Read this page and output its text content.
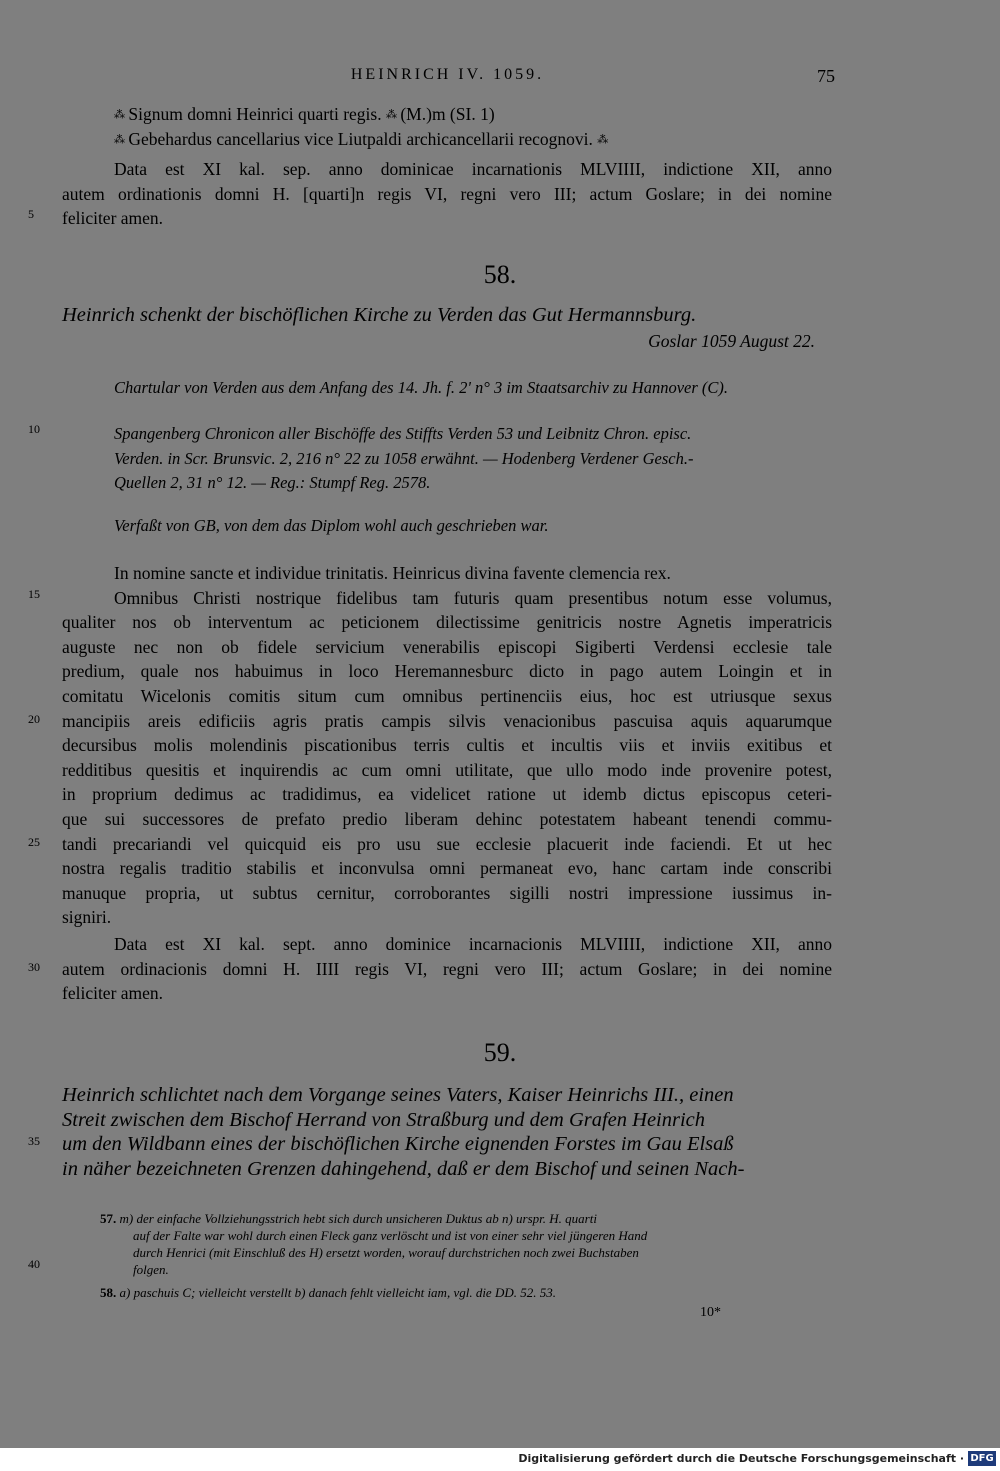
HEINRICH IV. 1059.	75
5
10
15
20
25
30
35
40
⁂ Signum domni Heinrici quarti regis. ⁂ (M.)m (SI. 1)
⁂ Gebehardus cancellarius vice Liutpaldi archicancellarii recognovi. ⁂
Data est XI kal. sep. anno dominicae incarnationis MLVIIII, indictione XII, anno
autem ordinationis domni H. [quarti]n regis VI, regni vero III; actum Goslare; in dei nomine
feliciter amen.
58.
Heinrich schenkt der bischöflichen Kirche zu Verden das Gut Hermannsburg.
Goslar 1059 August 22.
Chartular von Verden aus dem Anfang des 14. Jh. f. 2' n° 3 im Staatsarchiv zu Hannover (C).
Spangenberg Chronicon aller Bischöffe des Stiffts Verden 53 und Leibnitz Chron. episc.
Verden. in Scr. Brunsvic. 2, 216 n° 22 zu 1058 erwähnt. — Hodenberg Verdener Gesch.-
Quellen 2, 31 n° 12. — Reg.: Stumpf Reg. 2578.
Verfaßt von GB, von dem das Diplom wohl auch geschrieben war.
In nomine sancte et individue trinitatis. Heinricus divina favente clemencia rex.
Omnibus Christi nostrique fidelibus tam futuris quam presentibus notum esse volumus,
qualiter nos ob interventum ac peticionem dilectissime genitricis nostre Agnetis imperatricis
auguste nec non ob fidele servicium venerabilis episcopi Sigiberti Verdensi ecclesie tale
predium, quale nos habuimus in loco Heremannesburc dicto in pago autem Loingin et in
comitatu Wicelonis comitis situm cum omnibus pertinenciis eius, hoc est utriusque sexus
mancipiis areis edificiis agris pratis campis silvis venacionibus pascuisa aquis aquarumque
decursibus molis molendinis piscationibus terris cultis et incultis viis et inviis exitibus et
redditibus quesitis et inquirendis ac cum omni utilitate, que ullo modo inde provenire potest,
in proprium dedimus ac tradidimus, ea videlicet ratione ut idemb dictus episcopus ceteri-
que sui successores de prefato predio liberam dehinc potestatem habeant tenendi commu-
tandi precariandi vel quicquid eis pro usu sue ecclesie placuerit inde faciendi. Et ut hec
nostra regalis traditio stabilis et inconvulsa omni permaneat evo, hanc cartam inde conscribi
manuque propria, ut subtus cernitur, corroborantes sigilli nostri impressione iussimus in-
signiri.
Data est XI kal. sept. anno dominice incarnacionis MLVIIII, indictione XII, anno
autem ordinacionis domni H. IIII regis VI, regni vero III; actum Goslare; in dei nomine
feliciter amen.
59.
Heinrich schlichtet nach dem Vorgange seines Vaters, Kaiser Heinrichs III., einen
Streit zwischen dem Bischof Herrand von Straßburg und dem Grafen Heinrich
um den Wildbann eines der bischöflichen Kirche eignenden Forstes im Gau Elsaß
in näher bezeichneten Grenzen dahingehend, daß er dem Bischof und seinen Nach-
57. m) der einfache Vollziehungsstrich hebt sich durch unsicheren Duktus ab n) urspr. H. quarti
auf der Falte war wohl durch einen Fleck ganz verlöscht und ist von einer sehr viel jüngeren Hand
durch Henrici (mit Einschluß des H) ersetzt worden, worauf durchstrichen noch zwei Buchstaben
folgen.
58. a) paschuis C; vielleicht verstellt b) danach fehlt vielleicht iam, vgl. die DD. 52. 53.
10*
Digitalisierung gefördert durch die Deutsche Forschungsgemeinschaft · DFG
